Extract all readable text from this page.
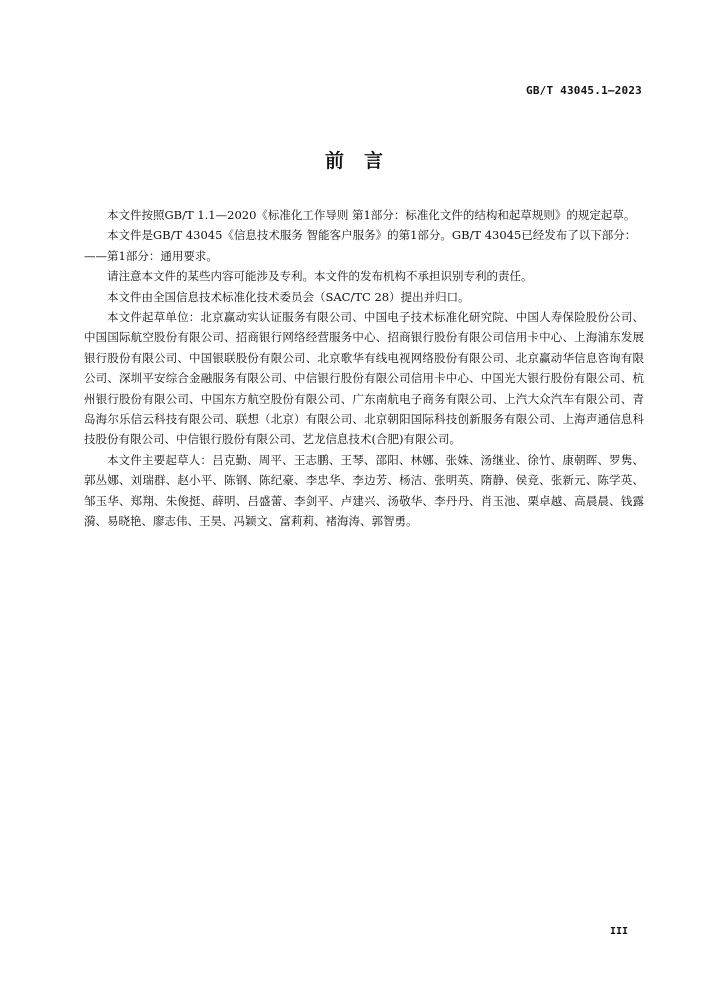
GB/T 43045.1—2023
前言

本文件按照GB/T 1.1—2020《标准化工作导则 第1部分：标准化文件的结构和起草规则》的规定起草。

本文件是GB/T 43045《信息技术服务 智能客户服务》的第1部分。GB/T 43045已经发布了以下部分：

——第1部分：通用要求。

请注意本文件的某些内容可能涉及专利。本文件的发布机构不承担识别专利的责任。

本文件由全国信息技术标准化技术委员会（SAC/TC 28）提出并归口。

本文件起草单位：北京赢动实认证服务有限公司、中国电子技术标准化研究院、中国人寿保险股份公司、中国国际航空股份有限公司、招商银行网络经营服务中心、招商银行股份有限公司信用卡中心、上海浦东发展银行股份有限公司、中国银联股份有限公司、北京歌华有线电视网络股份有限公司、北京赢动华信息咨询有限公司、深圳平安综合金融服务有限公司、中信银行股份有限公司信用卡中心、中国光大银行股份有限公司、杭州银行股份有限公司、中国东方航空股份有限公司、广东南航电子商务有限公司、上汽大众汽车有限公司、青岛海尔乐信云科技有限公司、联想（北京）有限公司、北京朝阳国际科技创新服务有限公司、上海声通信息科技股份有限公司、中信银行股份有限公司、艺龙信息技术(合肥)有限公司。

本文件主要起草人：吕克勤、周平、王志鹏、王琴、邵阳、林娜、张姝、汤继业、徐竹、康朝晖、罗隽、郭丛娜、刘瑞群、赵小平、陈钢、陈纪豪、李忠华、李边芳、杨洁、张明英、隋静、侯竞、张新元、陈学英、邹玉华、郑翔、朱俊挺、薛明、吕盛蕾、李剑平、卢建兴、汤敬华、李丹丹、肖玉池、栗卓越、高晨晨、钱露漪、易晓艳、廖志伟、王昊、冯颖文、富莉莉、褚海涛、郭智勇。

III
